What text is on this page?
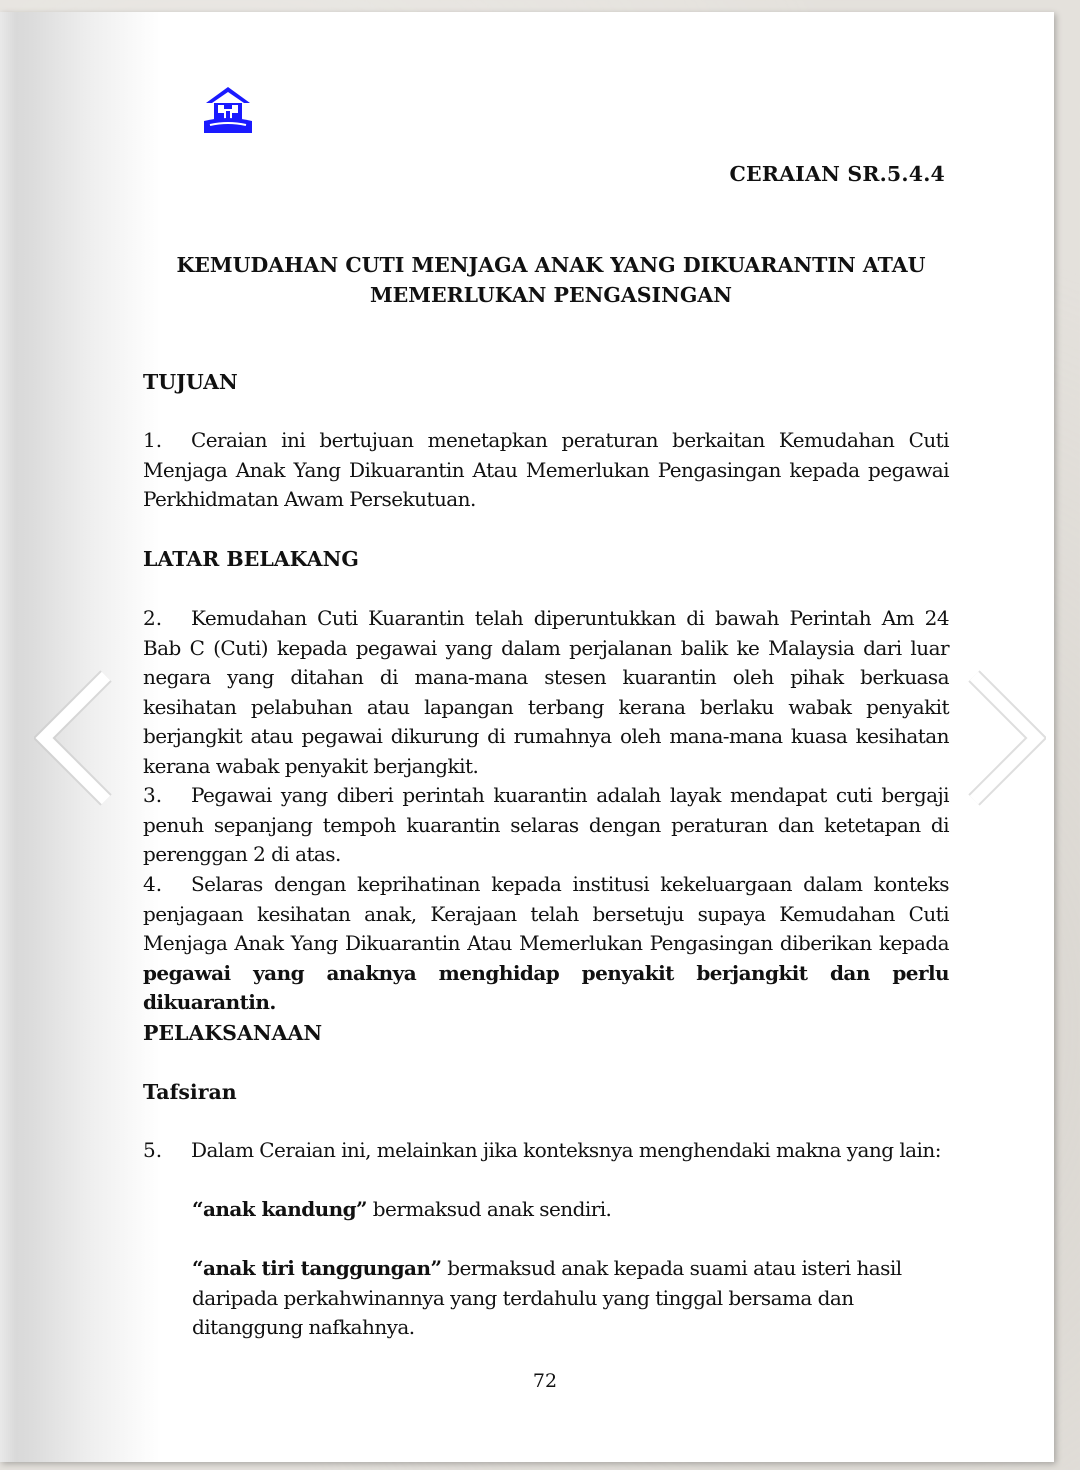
CERAIAN SR.5.4.4
KEMUDAHAN CUTI MENJAGA ANAK YANG DIKUARANTIN ATAU
MEMERLUKAN PENGASINGAN
TUJUAN
1. Ceraian ini bertujuan menetapkan peraturan berkaitan Kemudahan Cuti Menjaga Anak Yang Dikuarantin Atau Memerlukan Pengasingan kepada pegawai Perkhidmatan Awam Persekutuan.
LATAR BELAKANG
2. Kemudahan Cuti Kuarantin telah diperuntukkan di bawah Perintah Am 24 Bab C (Cuti) kepada pegawai yang dalam perjalanan balik ke Malaysia dari luar negara yang ditahan di mana-mana stesen kuarantin oleh pihak berkuasa kesihatan pelabuhan atau lapangan terbang kerana berlaku wabak penyakit berjangkit atau pegawai dikurung di rumahnya oleh mana-mana kuasa kesihatan kerana wabak penyakit berjangkit.
3. Pegawai yang diberi perintah kuarantin adalah layak mendapat cuti bergaji penuh sepanjang tempoh kuarantin selaras dengan peraturan dan ketetapan di perenggan 2 di atas.
4. Selaras dengan keprihatinan kepada institusi kekeluargaan dalam konteks penjagaan kesihatan anak, Kerajaan telah bersetuju supaya Kemudahan Cuti Menjaga Anak Yang Dikuarantin Atau Memerlukan Pengasingan diberikan kepada pegawai yang anaknya menghidap penyakit berjangkit dan perlu dikuarantin.
PELAKSANAAN
Tafsiran
5. Dalam Ceraian ini, melainkan jika konteksnya menghendaki makna yang lain:
“anak kandung” bermaksud anak sendiri.
“anak tiri tanggungan” bermaksud anak kepada suami atau isteri hasil daripada perkahwinannya yang terdahulu yang tinggal bersama dan ditanggung nafkahnya.
72
